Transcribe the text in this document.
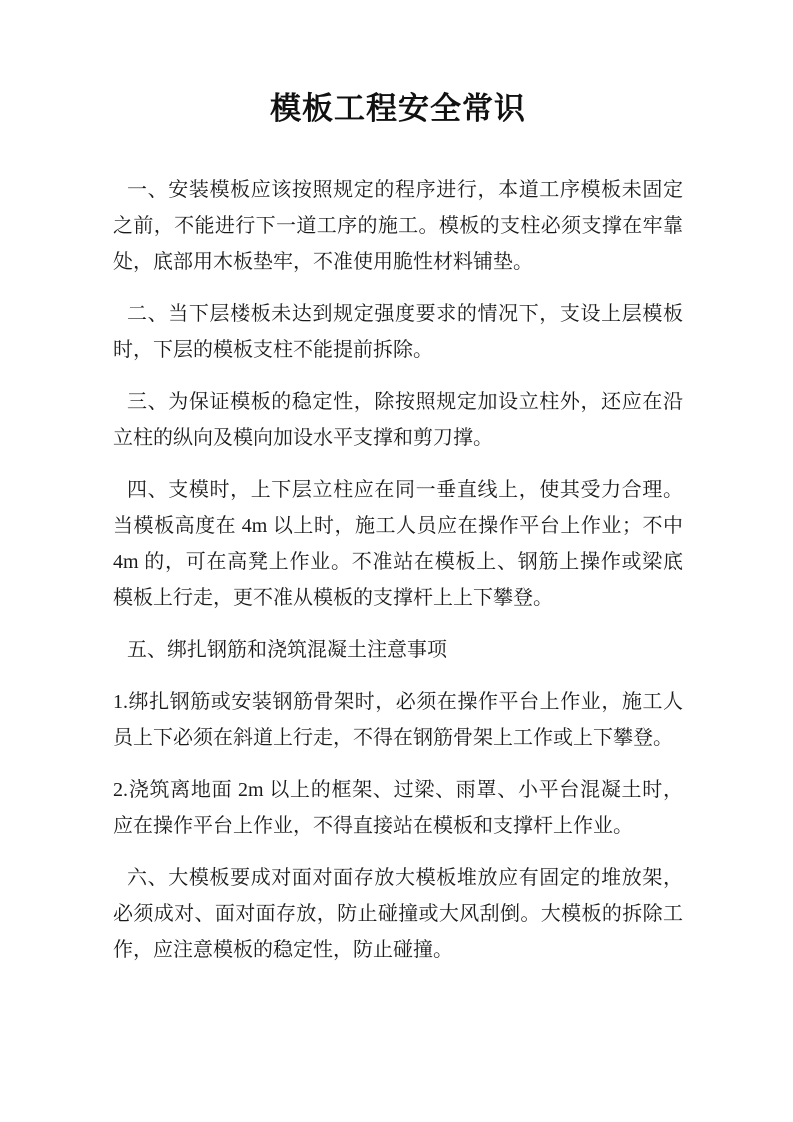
模板工程安全常识

一、安装模板应该按照规定的程序进行，本道工序模板未固定之前，不能进行下一道工序的施工。模板的支柱必须支撑在牢靠处，底部用木板垫牢，不准使用脆性材料铺垫。

二、当下层楼板未达到规定强度要求的情况下，支设上层模板时，下层的模板支柱不能提前拆除。

三、为保证模板的稳定性，除按照规定加设立柱外，还应在沿立柱的纵向及模向加设水平支撑和剪刀撑。

四、支模时，上下层立柱应在同一垂直线上，使其受力合理。当模板高度在 4m 以上时，施工人员应在操作平台上作业；不中 4m 的，可在高凳上作业。不准站在模板上、钢筋上操作或梁底模板上行走，更不准从模板的支撑杆上上下攀登。

五、绑扎钢筋和浇筑混凝土注意事项

1.绑扎钢筋或安装钢筋骨架时，必须在操作平台上作业，施工人员上下必须在斜道上行走，不得在钢筋骨架上工作或上下攀登。

2.浇筑离地面 2m 以上的框架、过梁、雨罩、小平台混凝土时，应在操作平台上作业，不得直接站在模板和支撑杆上作业。

六、大模板要成对面对面存放大模板堆放应有固定的堆放架，必须成对、面对面存放，防止碰撞或大风刮倒。大模板的拆除工作，应注意模板的稳定性，防止碰撞。
